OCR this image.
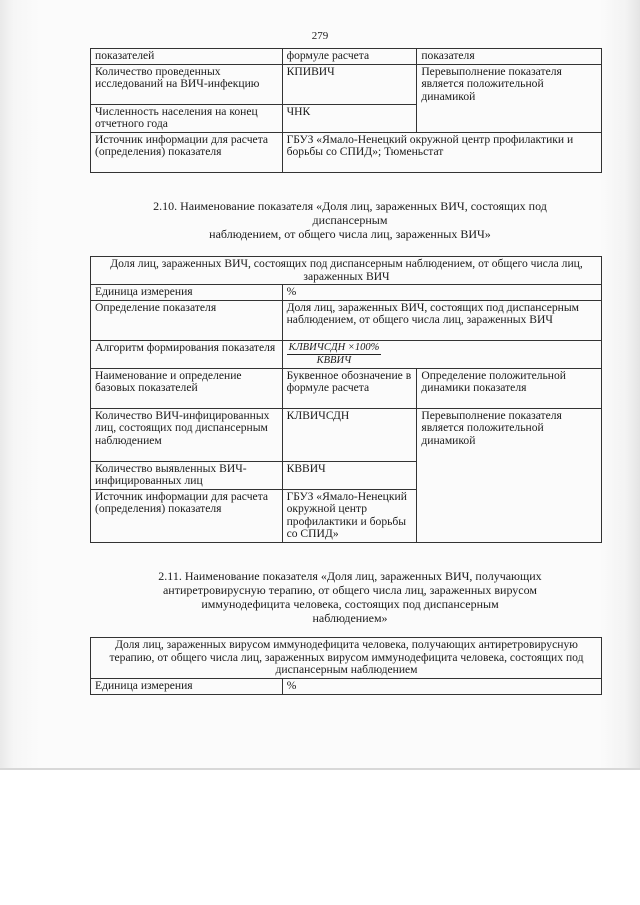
279
показателей	формуле расчета	показателя
Количество проведенных исследований на ВИЧ-инфекцию	КПИВИЧ	Перевыполнение показателя является положительной динамикой
Численность населения на конец отчетного года	ЧНК	
Источник информации для расчета (определения) показателя	ГБУЗ «Ямало-Ненецкий окружной центр профилактики и борьбы со СПИД»; Тюменьстат	
2.10. Наименование показателя «Доля лиц, зараженных ВИЧ, состоящих под
диспансерным
наблюдением, от общего числа лиц, зараженных ВИЧ»
Доля лиц, зараженных ВИЧ, состоящих под диспансерным наблюдением, от общего числа лиц, зараженных ВИЧ		
Единица измерения	%	
Определение показателя	Доля лиц, зараженных ВИЧ, состоящих под диспансерным наблюдением, от общего числа лиц, зараженных ВИЧ	
Алгоритм формирования показателя	$\frac{\text{КЛВИЧСДН ×100\%}}{\text{КВВИЧ}}$

Наименование и определение базовых показателей	Буквенное обозначение в формуле расчета	Определение положительной динамики показателя
Количество ВИЧ-инфицированных лиц, состоящих под диспансерным наблюдением	КЛВИЧСДН	Перевыполнение показателя является положительной динамикой
Количество выявленных ВИЧ-инфицированных лиц	КВВИЧ	
Источник информации для расчета (определения) показателя	ГБУЗ «Ямало-Ненецкий окружной центр профилактики и борьбы со СПИД»	
2.11. Наименование показателя «Доля лиц, зараженных ВИЧ, получающих
антиретровирусную терапию, от общего числа лиц, зараженных вирусом
иммунодефицита человека, состоящих под диспансерным
наблюдением»
Доля лиц, зараженных вирусом иммунодефицита человека, получающих антиретровирусную терапию, от общего числа лиц, зараженных вирусом иммунодефицита человека, состоящих под диспансерным наблюдением
Единица измерения	%
